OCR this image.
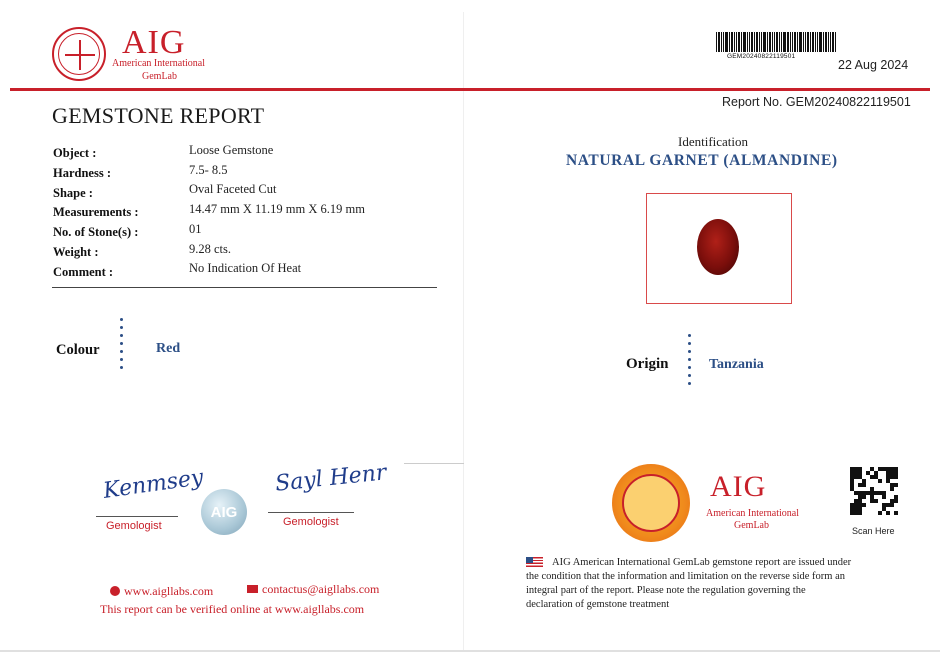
AIG
American International
GemLab
GEM20240822119501
22 Aug 2024
Report No. GEM20240822119501
GEMSTONE REPORT
Object :	Loose Gemstone
Hardness :	7.5- 8.5
Shape :	Oval Faceted Cut
Measurements :	14.47 mm X 11.19 mm X 6.19 mm
No. of Stone(s) :	01
Weight :	9.28 cts.
Comment :	No Indication Of Heat
Colour	Red
Kenmsey
Gemologist
AIG
Sayl Henr
Gemologist
www.aigllabs.com	contactus@aigllabs.com
This report can be verified online at www.aigllabs.com
Identification
NATURAL GARNET (ALMANDINE)
Origin	Tanzania
AIG
American International
GemLab	Scan Here
AIG American International GemLab gemstone report are issued under
the condition that the information and limitation on the reverse side form an
integral part of the report. Please note the regulation governing the
declaration of gemstone treatment
